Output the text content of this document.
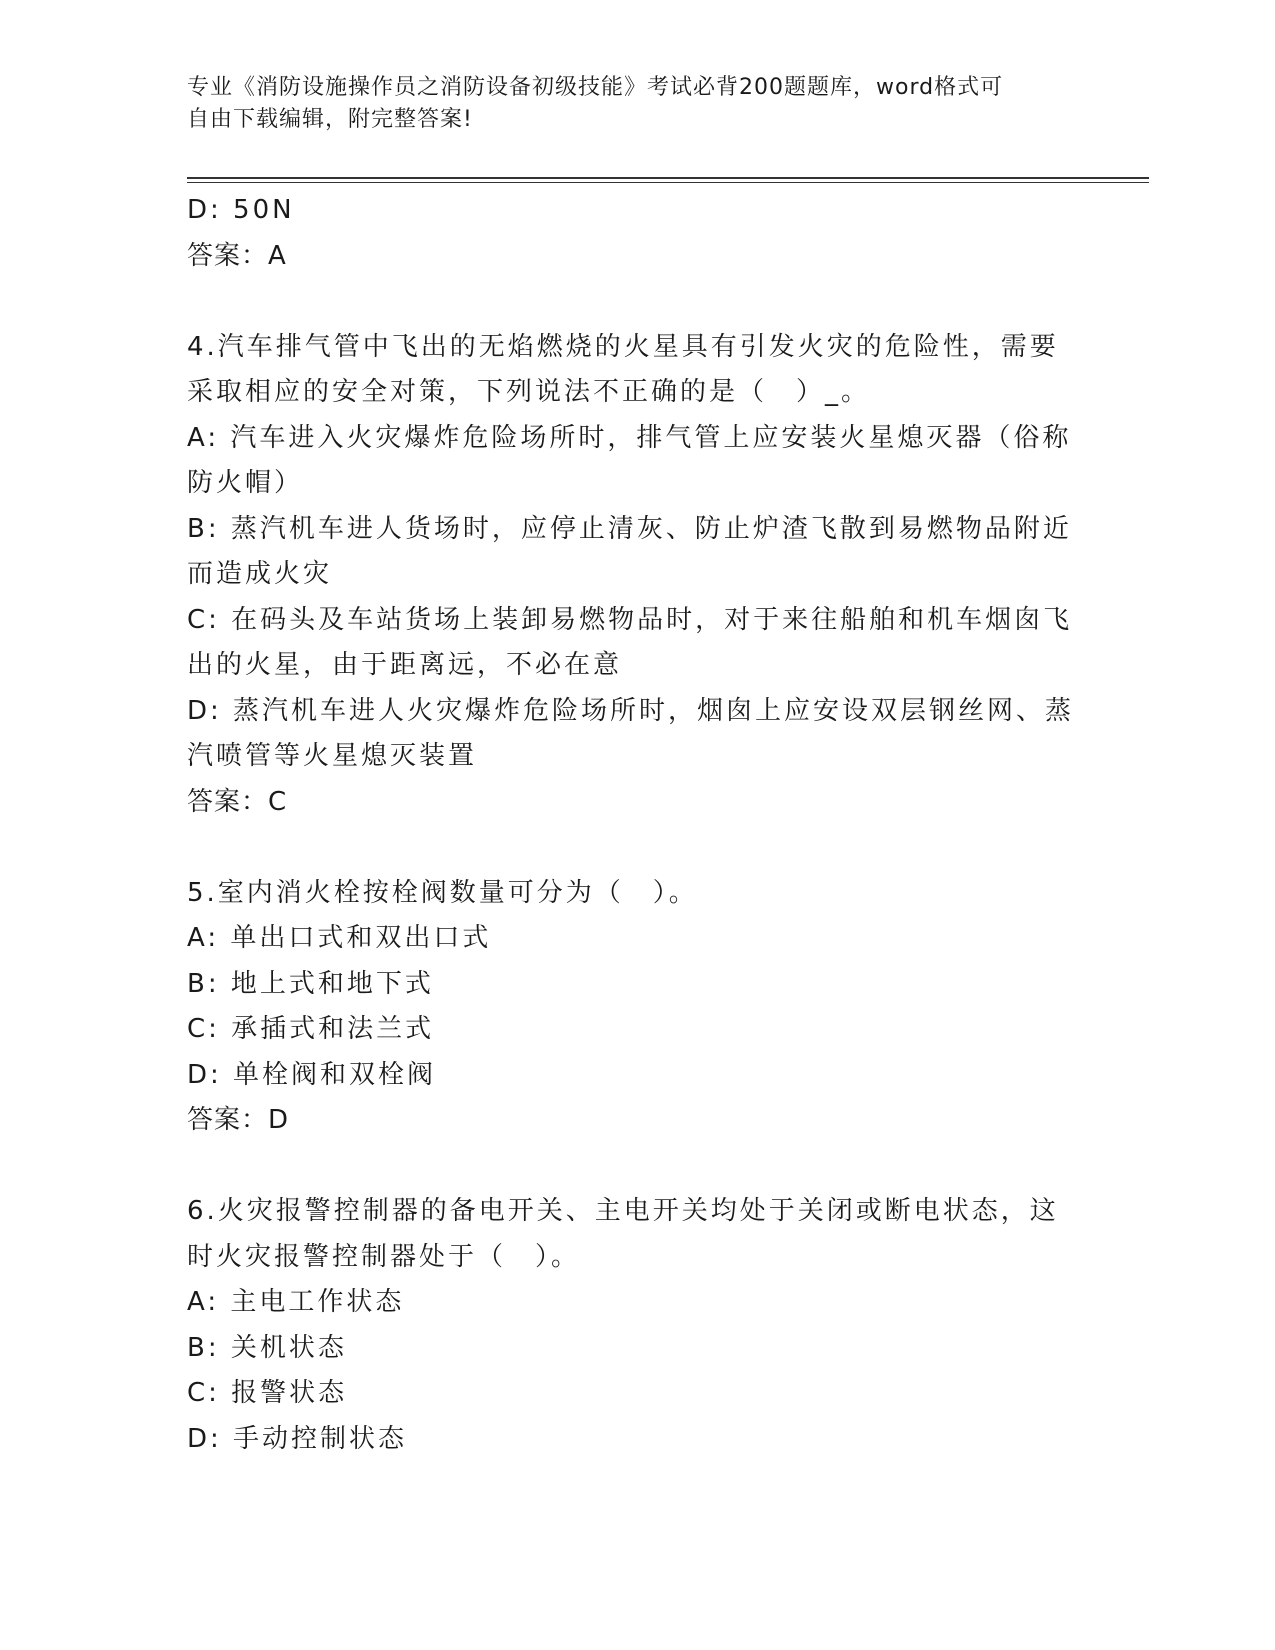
专业《消防设施操作员之消防设备初级技能》考试必背200题题库，word格式可
自由下载编辑，附完整答案!
D: 50N
答案：A
4.汽车排气管中飞出的无焰燃烧的火星具有引发火灾的危险性，需要
采取相应的安全对策，下列说法不正确的是（　）_。
A: 汽车进入火灾爆炸危险场所时，排气管上应安装火星熄灭器（俗称
防火帽）
B: 蒸汽机车进人货场时，应停止清灰、防止炉渣飞散到易燃物品附近
而造成火灾
C: 在码头及车站货场上装卸易燃物品时，对于来往船舶和机车烟囱飞
出的火星，由于距离远，不必在意
D: 蒸汽机车进人火灾爆炸危险场所时，烟囱上应安设双层钢丝网、蒸
汽喷管等火星熄灭装置
答案：C
5.室内消火栓按栓阀数量可分为（　）。
A: 单出口式和双出口式
B: 地上式和地下式
C: 承插式和法兰式
D: 单栓阀和双栓阀
答案：D
6.火灾报警控制器的备电开关、主电开关均处于关闭或断电状态，这
时火灾报警控制器处于（　）。
A: 主电工作状态
B: 关机状态
C: 报警状态
D: 手动控制状态
